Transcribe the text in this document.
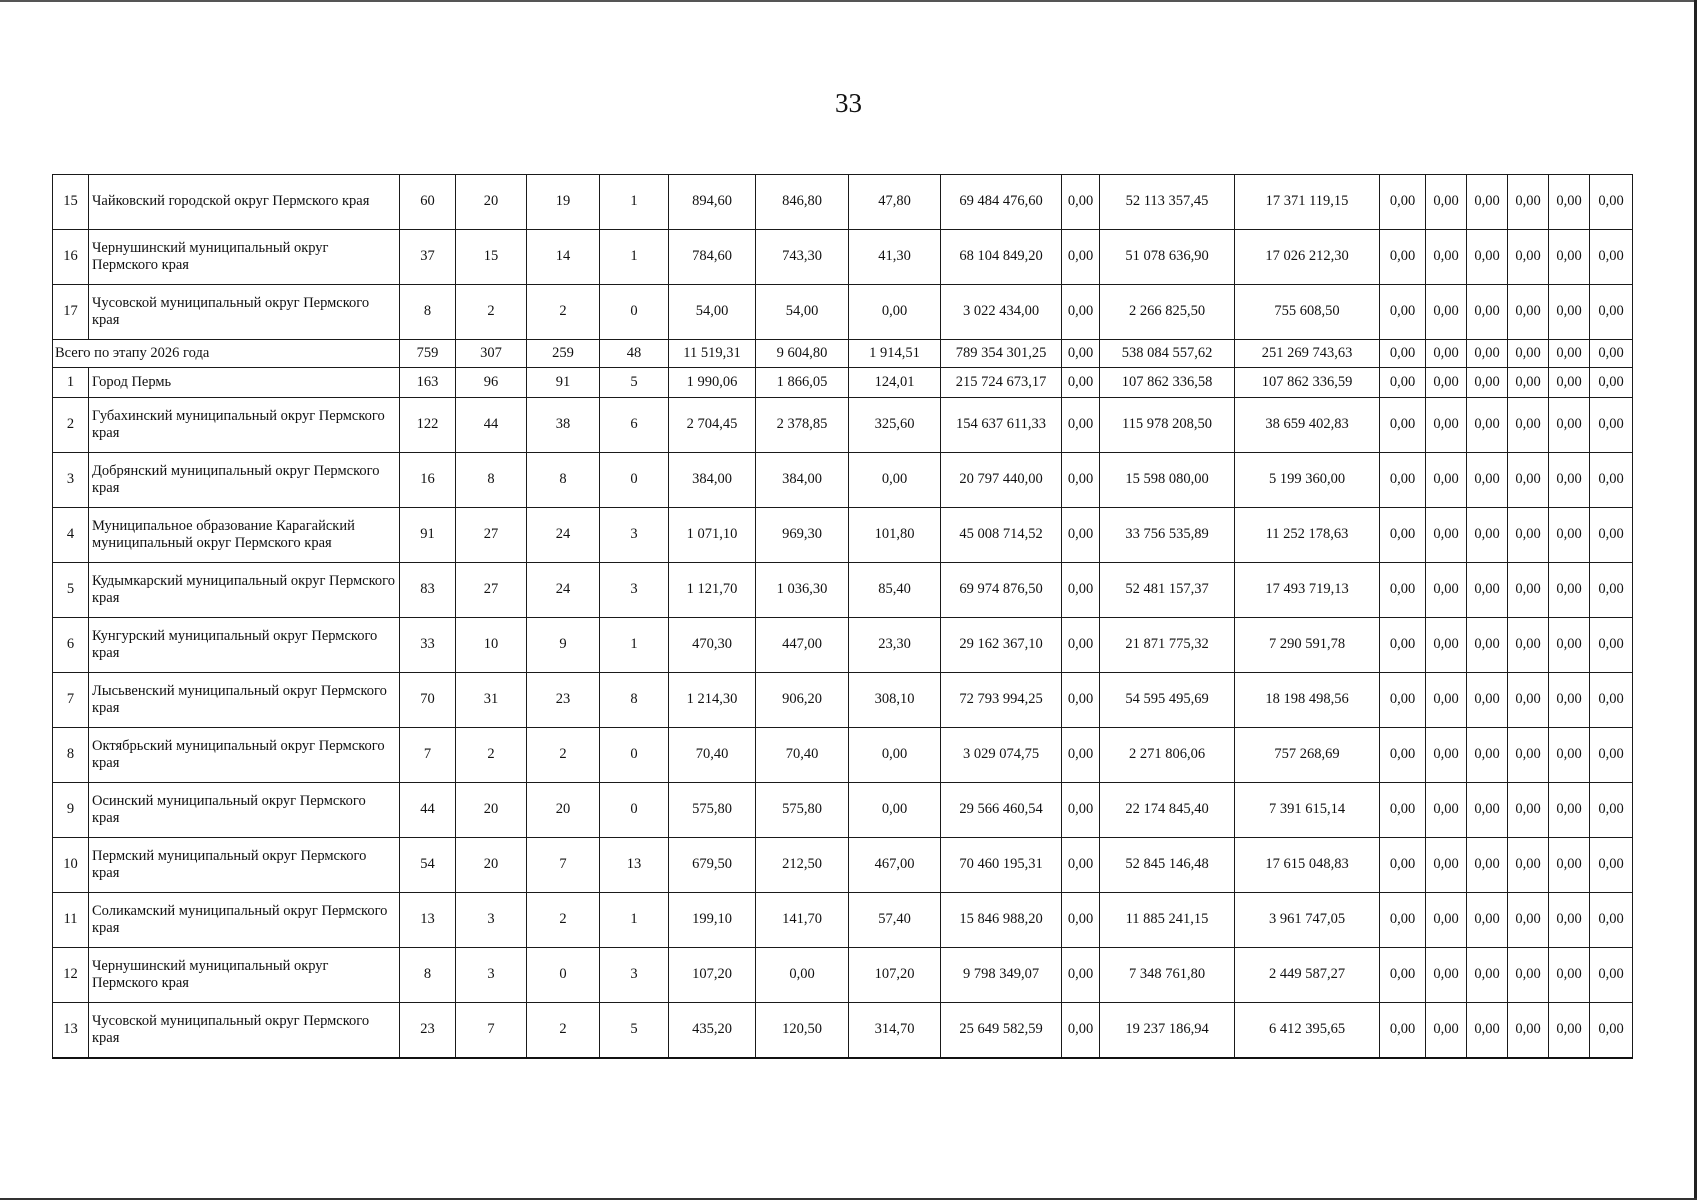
33
15	Чайковский городской округ Пермского края	60	20	19	1	894,60	846,80	47,80	69 484 476,60	0,00	52 113 357,45	17 371 119,15	0,00	0,00	0,00	0,00	0,00	0,00
16	Чернушинский муниципальный округ Пермского края	37	15	14	1	784,60	743,30	41,30	68 104 849,20	0,00	51 078 636,90	17 026 212,30	0,00	0,00	0,00	0,00	0,00	0,00
17	Чусовской муниципальный округ Пермского края	8	2	2	0	54,00	54,00	0,00	3 022 434,00	0,00	2 266 825,50	755 608,50	0,00	0,00	0,00	0,00	0,00	0,00
Всего по этапу 2026 года		759	307	259	48	11 519,31	9 604,80	1 914,51	789 354 301,25	0,00	538 084 557,62	251 269 743,63	0,00	0,00	0,00	0,00	0,00	0,00
1	Город Пермь	163	96	91	5	1 990,06	1 866,05	124,01	215 724 673,17	0,00	107 862 336,58	107 862 336,59	0,00	0,00	0,00	0,00	0,00	0,00
2	Губахинский муниципальный округ Пермского края	122	44	38	6	2 704,45	2 378,85	325,60	154 637 611,33	0,00	115 978 208,50	38 659 402,83	0,00	0,00	0,00	0,00	0,00	0,00
3	Добрянский муниципальный округ Пермского края	16	8	8	0	384,00	384,00	0,00	20 797 440,00	0,00	15 598 080,00	5 199 360,00	0,00	0,00	0,00	0,00	0,00	0,00
4	Муниципальное образование Карагайский муниципальный округ Пермского края	91	27	24	3	1 071,10	969,30	101,80	45 008 714,52	0,00	33 756 535,89	11 252 178,63	0,00	0,00	0,00	0,00	0,00	0,00
5	Кудымкарский муниципальный округ Пермского края	83	27	24	3	1 121,70	1 036,30	85,40	69 974 876,50	0,00	52 481 157,37	17 493 719,13	0,00	0,00	0,00	0,00	0,00	0,00
6	Кунгурский муниципальный округ Пермского края	33	10	9	1	470,30	447,00	23,30	29 162 367,10	0,00	21 871 775,32	7 290 591,78	0,00	0,00	0,00	0,00	0,00	0,00
7	Лысьвенский муниципальный округ Пермского края	70	31	23	8	1 214,30	906,20	308,10	72 793 994,25	0,00	54 595 495,69	18 198 498,56	0,00	0,00	0,00	0,00	0,00	0,00
8	Октябрьский муниципальный округ Пермского края	7	2	2	0	70,40	70,40	0,00	3 029 074,75	0,00	2 271 806,06	757 268,69	0,00	0,00	0,00	0,00	0,00	0,00
9	Осинский муниципальный округ Пермского края	44	20	20	0	575,80	575,80	0,00	29 566 460,54	0,00	22 174 845,40	7 391 615,14	0,00	0,00	0,00	0,00	0,00	0,00
10	Пермский муниципальный округ Пермского края	54	20	7	13	679,50	212,50	467,00	70 460 195,31	0,00	52 845 146,48	17 615 048,83	0,00	0,00	0,00	0,00	0,00	0,00
11	Соликамский муниципальный округ Пермского края	13	3	2	1	199,10	141,70	57,40	15 846 988,20	0,00	11 885 241,15	3 961 747,05	0,00	0,00	0,00	0,00	0,00	0,00
12	Чернушинский муниципальный округ Пермского края	8	3	0	3	107,20	0,00	107,20	9 798 349,07	0,00	7 348 761,80	2 449 587,27	0,00	0,00	0,00	0,00	0,00	0,00
13	Чусовской муниципальный округ Пермского края	23	7	2	5	435,20	120,50	314,70	25 649 582,59	0,00	19 237 186,94	6 412 395,65	0,00	0,00	0,00	0,00	0,00	0,00
